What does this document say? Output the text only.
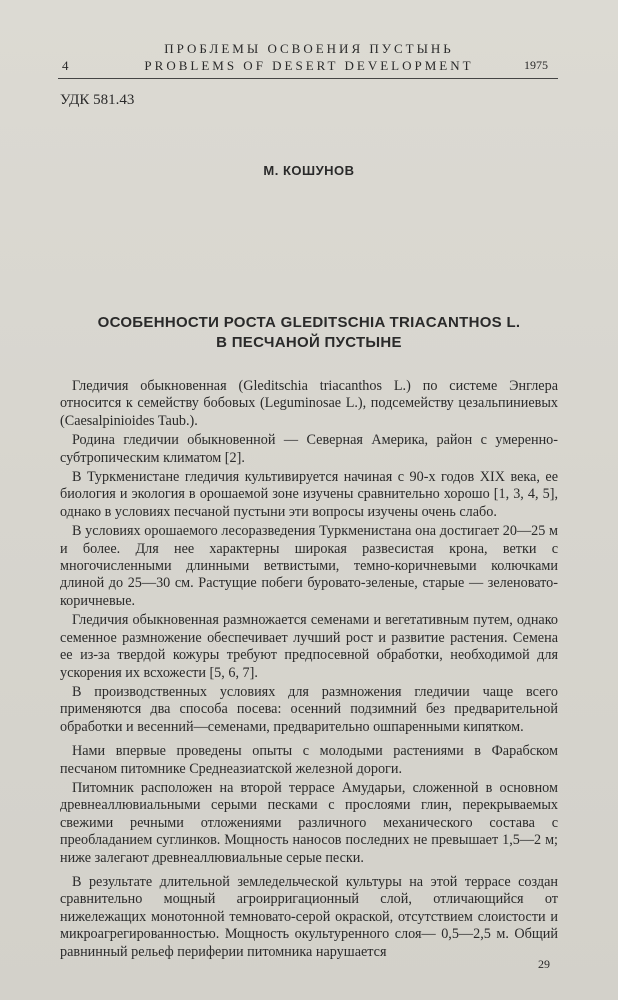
ПРОБЛЕМЫ ОСВОЕНИЯ ПУСТЫНЬ
4	PROBLEMS OF DESERT DEVELOPMENT	1975
УДК 581.43
М. КОШУНОВ
ОСОБЕННОСТИ РОСТА GLEDITSCHIA TRIACANTHOS L.
В ПЕСЧАНОЙ ПУСТЫНЕ

Гледичия обыкновенная (Gleditschia triacanthos L.) по системе Энглера относится к семейству бобовых (Leguminosae L.), подсемейству цезальпиниевых (Caesalpinioides Taub.).

Родина гледичии обыкновенной — Северная Америка, район с умеренно-субтропическим климатом [2].

В Туркменистане гледичия культивируется начиная с 90-х годов XIX века, ее биология и экология в орошаемой зоне изучены сравнительно хорошо [1, 3, 4, 5], однако в условиях песчаной пустыни эти вопросы изучены очень слабо.

В условиях орошаемого лесоразведения Туркменистана она достигает 20—25 м и более. Для нее характерны широкая развесистая крона, ветки с многочисленными длинными ветвистыми, темно-коричневыми колючками длиной до 25—30 см. Растущие побеги буровато-зеленые, старые — зеленовато-коричневые.

Гледичия обыкновенная размножается семенами и вегетативным путем, однако семенное размножение обеспечивает лучший рост и развитие растения. Семена ее из-за твердой кожуры требуют предпосевной обработки, необходимой для ускорения их всхожести [5, 6, 7].

В производственных условиях для размножения гледичии чаще всего применяются два способа посева: осенний подзимний без предварительной обработки и весенний—семенами, предварительно ошпаренными кипятком.

Нами впервые проведены опыты с молодыми растениями в Фарабском песчаном питомнике Среднеазиатской железной дороги.

Питомник расположен на второй террасе Амударьи, сложенной в основном древнеаллювиальными серыми песками с прослоями глин, перекрываемых свежими речными отложениями различного механического состава с преобладанием суглинков. Мощность наносов последних не превышает 1,5—2 м; ниже залегают древнеаллювиальные серые пески.

В результате длительной земледельческой культуры на этой террасе создан сравнительно мощный агроирригационный слой, отличающийся от нижележащих монотонной темновато-серой окраской, отсутствием слоистости и микроагрегированностью. Мощность окультуренного слоя— 0,5—2,5 м. Общий равнинный рельеф периферии питомника нарушается

29
